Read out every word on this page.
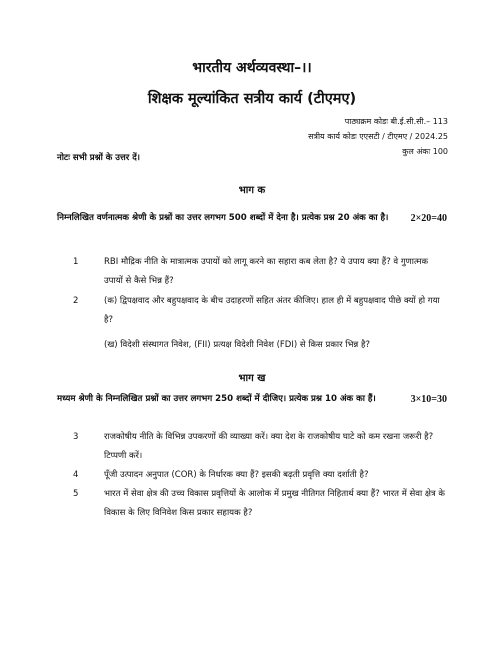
भारतीय अर्थव्यवस्था–।।
शिक्षक मूल्यांकित सत्रीय कार्य (टीएमए)
पाठ्यक्रम कोडः बी.ई.सी.सी.– 113
सत्रीय कार्य कोडः एएसटी / टीएमए / 2024.25
कुल अंकः 100
नोटः सभी प्रश्नों के उत्तर दें।
भाग क
निम्नलिखित वर्णनात्मक श्रेणी के प्रश्नों का उत्तर लगभग 500 शब्दों में देना है। प्रत्येक प्रश्न 20 अंक का है। 2×20=40
1	RBI मौद्रिक नीति के मात्रात्मक उपायों को लागू करने का सहारा कब लेता है? ये उपाय क्या हैं? वे गुणात्मक उपायों से कैसे भिन्न हैं?
2	(क) द्विपक्षवाद और बहुपक्षवाद के बीच उदाहरणों सहित अंतर कीजिए। हाल ही में बहुपक्षवाद पीछे क्यों हो गया है?
(ख) विदेशी संस्थागत निवेश, (FII) प्रत्यक्ष विदेशी निवेश (FDI) से किस प्रकार भिन्न है?
भाग ख
मध्यम श्रेणी के निम्नलिखित प्रश्नों का उत्तर लगभग 250 शब्दों में दीजिए। प्रत्येक प्रश्न 10 अंक का हैं।	3×10=30
3	राजकोषीय नीति के विभिन्न उपकरणों की व्याख्या करें। क्या देश के राजकोषीय घाटे को कम रखना जरूरी है? टिप्पणी करें।
4	पूँजी उत्पादन अनुपात (COR) के निर्धारक क्या हैं? इसकी बढ़ती प्रवृत्ति क्या दर्शाती है?
5	भारत में सेवा क्षेत्र की उच्च विकास प्रवृत्तियों के आलोक में प्रमुख नीतिगत निहितार्थ क्या हैं? भारत में सेवा क्षेत्र के विकास के लिए विनिवेश किस प्रकार सहायक है?
